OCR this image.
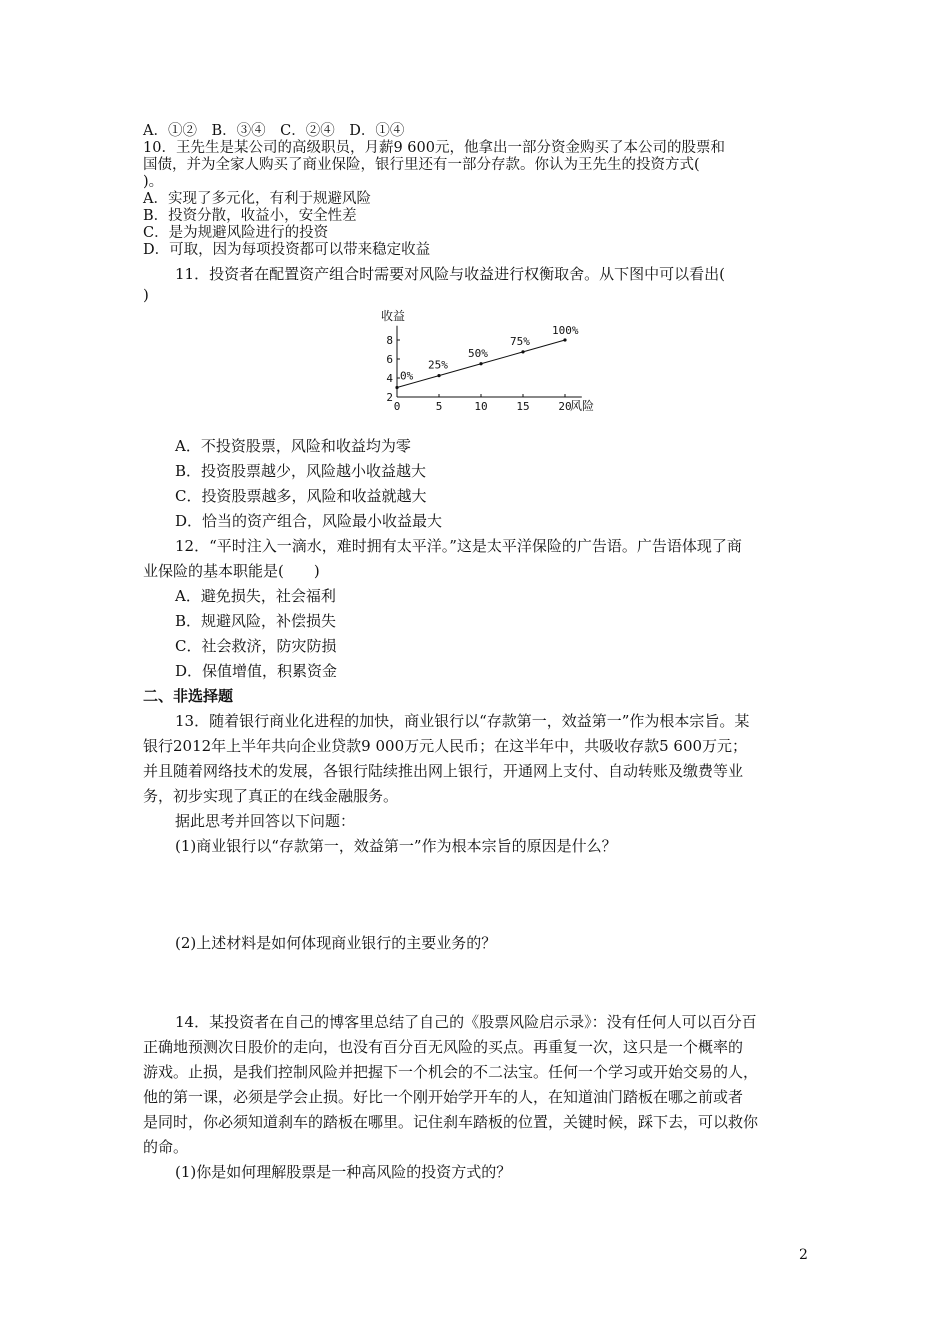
A．①②　B．③④　C．②④　D．①④
10．王先生是某公司的高级职员，月薪9 600元，他拿出一部分资金购买了本公司的股票和
国债，并为全家人购买了商业保险，银行里还有一部分存款。你认为王先生的投资方式(
)。
A．实现了多元化，有利于规避风险
B．投资分散，收益小，安全性差
C．是为规避风险进行的投资
D．可取，因为每项投资都可以带来稳定收益
11．投资者在配置资产组合时需要对风险与收益进行权衡取舍。从下图中可以看出(
)
2
4
6
8
0	5	10	15	20
收益
风险
0%
25%
50%
75%
100%
A．不投资股票，风险和收益均为零
B．投资股票越少，风险越小收益越大
C．投资股票越多，风险和收益就越大
D．恰当的资产组合，风险最小收益最大
12．“平时注入一滴水，难时拥有太平洋。”这是太平洋保险的广告语。广告语体现了商
业保险的基本职能是(　　)
A．避免损失，社会福利
B．规避风险，补偿损失
C．社会救济，防灾防损
D．保值增值，积累资金
二、非选择题
13．随着银行商业化进程的加快，商业银行以“存款第一，效益第一”作为根本宗旨。某
银行2012年上半年共向企业贷款9 000万元人民币；在这半年中，共吸收存款5 600万元；
并且随着网络技术的发展，各银行陆续推出网上银行，开通网上支付、自动转账及缴费等业
务，初步实现了真正的在线金融服务。
据此思考并回答以下问题：
(1)商业银行以“存款第一，效益第一”作为根本宗旨的原因是什么？
(2)上述材料是如何体现商业银行的主要业务的？
14．某投资者在自己的博客里总结了自己的《股票风险启示录》：没有任何人可以百分百
正确地预测次日股价的走向，也没有百分百无风险的买点。再重复一次，这只是一个概率的
游戏。止损，是我们控制风险并把握下一个机会的不二法宝。任何一个学习或开始交易的人，
他的第一课，必须是学会止损。好比一个刚开始学开车的人，在知道油门踏板在哪之前或者
是同时，你必须知道刹车的踏板在哪里。记住刹车踏板的位置，关键时候，踩下去，可以救你
的命。
(1)你是如何理解股票是一种高风险的投资方式的？
2
